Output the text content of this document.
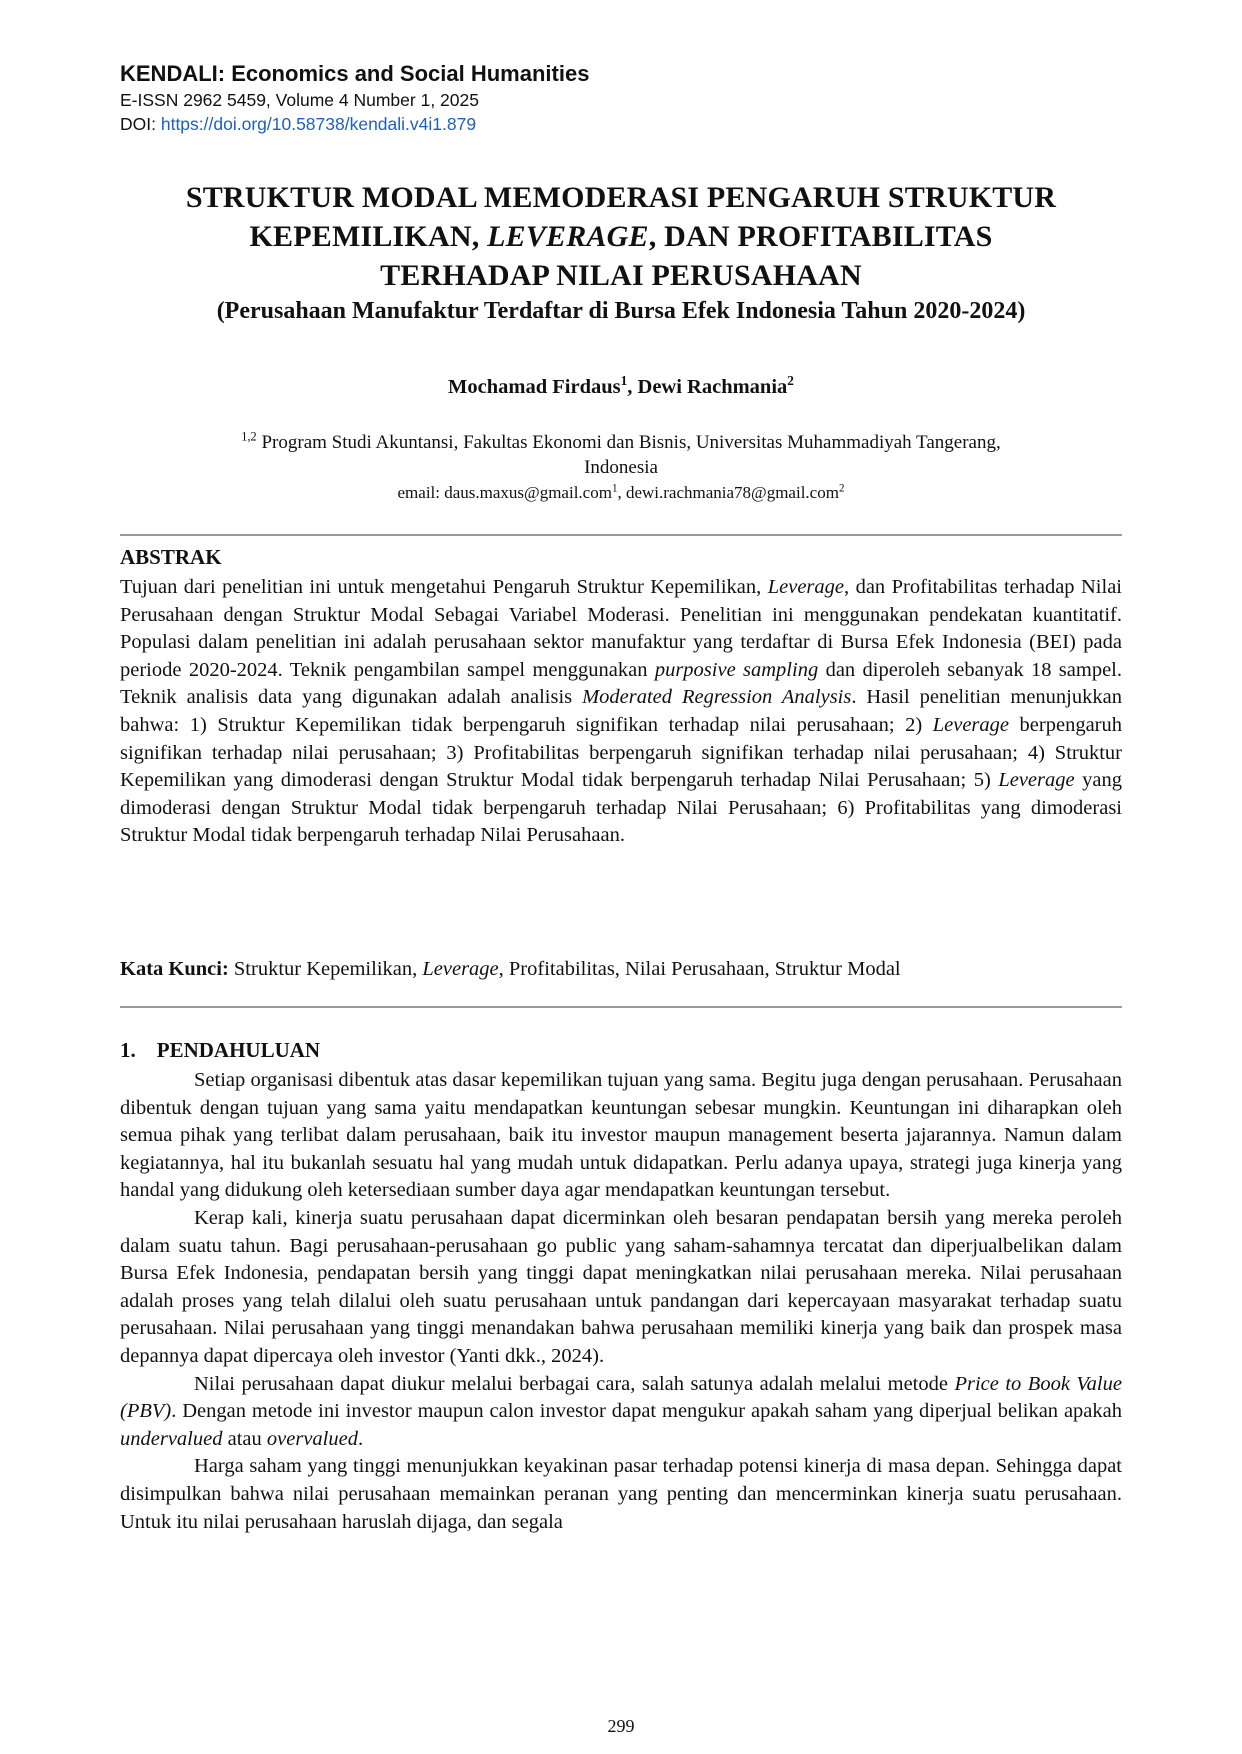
KENDALI: Economics and Social Humanities
E-ISSN 2962 5459, Volume 4 Number 1, 2025
DOI: https://doi.org/10.58738/kendali.v4i1.879
STRUKTUR MODAL MEMODERASI PENGARUH STRUKTUR
KEPEMILIKAN, LEVERAGE, DAN PROFITABILITAS
TERHADAP NILAI PERUSAHAAN
(Perusahaan Manufaktur Terdaftar di Bursa Efek Indonesia Tahun 2020-2024)
Mochamad Firdaus$^1$, Dewi Rachmania$^2$
$^{1,2}$ Program Studi Akuntansi, Fakultas Ekonomi dan Bisnis, Universitas Muhammadiyah Tangerang,
Indonesia
email: daus.maxus@gmail.com$^1$, dewi.rachmania78@gmail.com$^2$
ABSTRAK

Tujuan dari penelitian ini untuk mengetahui Pengaruh Struktur Kepemilikan, Leverage, dan Profitabilitas terhadap Nilai Perusahaan dengan Struktur Modal Sebagai Variabel Moderasi. Penelitian ini menggunakan pendekatan kuantitatif. Populasi dalam penelitian ini adalah perusahaan sektor manufaktur yang terdaftar di Bursa Efek Indonesia (BEI) pada periode 2020-2024. Teknik pengambilan sampel menggunakan purposive sampling dan diperoleh sebanyak 18 sampel. Teknik analisis data yang digunakan adalah analisis Moderated Regression Analysis. Hasil penelitian menunjukkan bahwa: 1) Struktur Kepemilikan tidak berpengaruh signifikan terhadap nilai perusahaan; 2) Leverage berpengaruh signifikan terhadap nilai perusahaan; 3) Profitabilitas berpengaruh signifikan terhadap nilai perusahaan; 4) Struktur Kepemilikan yang dimoderasi dengan Struktur Modal tidak berpengaruh terhadap Nilai Perusahaan; 5) Leverage yang dimoderasi dengan Struktur Modal tidak berpengaruh terhadap Nilai Perusahaan; 6) Profitabilitas yang dimoderasi Struktur Modal tidak berpengaruh terhadap Nilai Perusahaan.

Kata Kunci: Struktur Kepemilikan, Leverage, Profitabilitas, Nilai Perusahaan, Struktur Modal
1.    PENDAHULUAN

Setiap organisasi dibentuk atas dasar kepemilikan tujuan yang sama. Begitu juga dengan perusahaan. Perusahaan dibentuk dengan tujuan yang sama yaitu mendapatkan keuntungan sebesar mungkin. Keuntungan ini diharapkan oleh semua pihak yang terlibat dalam perusahaan, baik itu investor maupun management beserta jajarannya. Namun dalam kegiatannya, hal itu bukanlah sesuatu hal yang mudah untuk didapatkan. Perlu adanya upaya, strategi juga kinerja yang handal yang didukung oleh ketersediaan sumber daya agar mendapatkan keuntungan tersebut.

Kerap kali, kinerja suatu perusahaan dapat dicerminkan oleh besaran pendapatan bersih yang mereka peroleh dalam suatu tahun. Bagi perusahaan-perusahaan go public yang saham-sahamnya tercatat dan diperjualbelikan dalam Bursa Efek Indonesia, pendapatan bersih yang tinggi dapat meningkatkan nilai perusahaan mereka. Nilai perusahaan adalah proses yang telah dilalui oleh suatu perusahaan untuk pandangan dari kepercayaan masyarakat terhadap suatu perusahaan. Nilai perusahaan yang tinggi menandakan bahwa perusahaan memiliki kinerja yang baik dan prospek masa depannya dapat dipercaya oleh investor (Yanti dkk., 2024).

Nilai perusahaan dapat diukur melalui berbagai cara, salah satunya adalah melalui metode Price to Book Value (PBV). Dengan metode ini investor maupun calon investor dapat mengukur apakah saham yang diperjual belikan apakah undervalued atau overvalued.

Harga saham yang tinggi menunjukkan keyakinan pasar terhadap potensi kinerja di masa depan. Sehingga dapat disimpulkan bahwa nilai perusahaan memainkan peranan yang penting dan mencerminkan kinerja suatu perusahaan. Untuk itu nilai perusahaan haruslah dijaga, dan segala

299
